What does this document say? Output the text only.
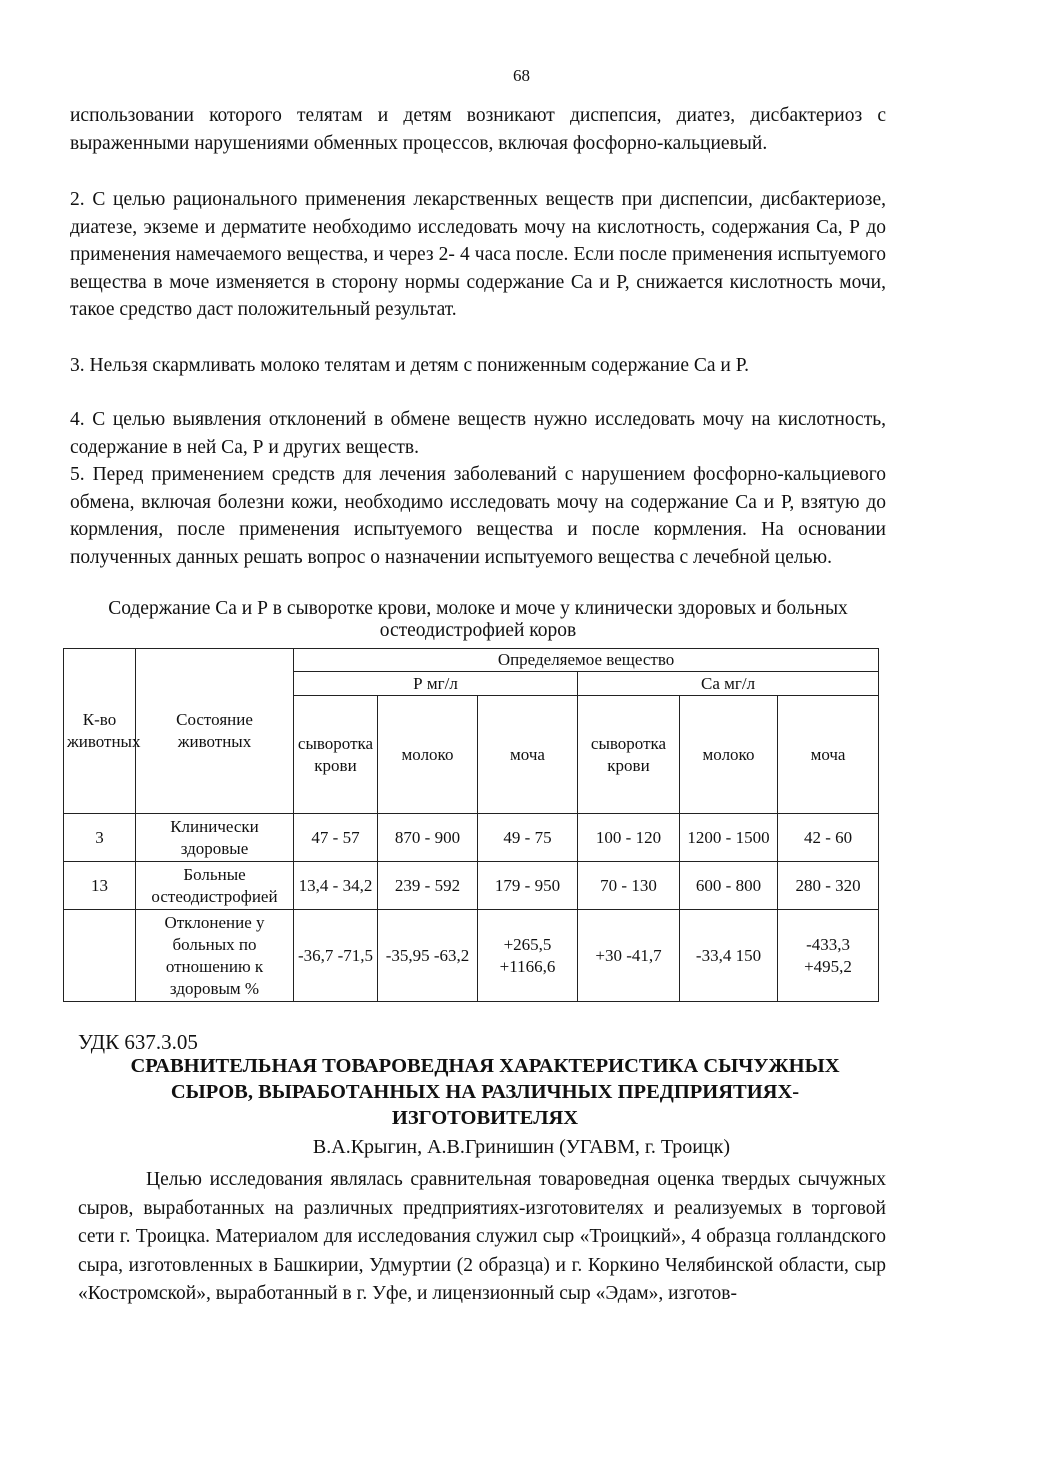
68

использовании которого телятам и детям возникают диспепсия, диатез, дисбактериоз с выраженными нарушениями обменных процессов, включая фосфорно-кальциевый.

2. С целью рационального применения лекарственных веществ при диспепсии, дисбактериозе, диатезе, экземе и дерматите необходимо исследовать мочу на кислотность, содержания Са, Р до применения намечаемого вещества, и через 2- 4 часа после. Если после применения испытуемого вещества в моче изменяется в сторону нормы содержание Са и Р, снижается кислотность мочи, такое средство даст положительный результат.

3. Нельзя скармливать молоко телятам и детям с пониженным содержание Са и Р.

4. С целью выявления отклонений в обмене веществ нужно исследовать мочу на кислотность, содержание в ней Са, Р и других веществ.

5. Перед применением средств для лечения заболеваний с нарушением фосфорно-кальциевого обмена, включая болезни кожи, необходимо исследовать мочу на содержание Са и Р, взятую до кормления, после применения испытуемого вещества и после кормления. На основании полученных данных решать вопрос о назначении испытуемого вещества с лечебной целью.

Содержание Са и Р в сыворотке крови, молоке и моче у клинически здоровых и больных остеодистрофией коров
К-во животных	Состояние животных	Определяемое вещество					
		Р мг/л			Са мг/л		
		сыворотка крови	молоко	моча	сыворотка крови	молоко	моча
3	Клинически здоровые	47 - 57	870 - 900	49 - 75	100 - 120	1200 - 1500	42 - 60
13	Больные остеодистрофией	13,4 - 34,2	239 - 592	179 - 950	70 - 130	600 - 800	280 - 320
	Отклонение у больных по отношению к здоровым %	-36,7 -71,5	-35,95 -63,2	+265,5 +1166,6	+30 -41,7	-33,4 150	-433,3 +495,2
УДК 637.3.05
СРАВНИТЕЛЬНАЯ ТОВАРОВЕДНАЯ ХАРАКТЕРИСТИКА СЫЧУЖНЫХ СЫРОВ, ВЫРАБОТАННЫХ НА РАЗЛИЧНЫХ ПРЕДПРИЯТИЯХ-ИЗГОТОВИТЕЛЯХ
В.А.Крыгин, А.В.Гринишин (УГАВМ, г. Троицк)

Целью исследования являлась сравнительная товароведная оценка твердых сычужных сыров, выработанных на различных предприятиях-изготовителях и реализуемых в торговой сети г. Троицка. Материалом для исследования служил сыр «Троицкий», 4 образца голландского сыра, изготовленных в Башкирии, Удмуртии (2 образца) и г. Коркино Челябинской области, сыр «Костромской», выработанный в г. Уфе, и лицензионный сыр «Эдам», изготов-
